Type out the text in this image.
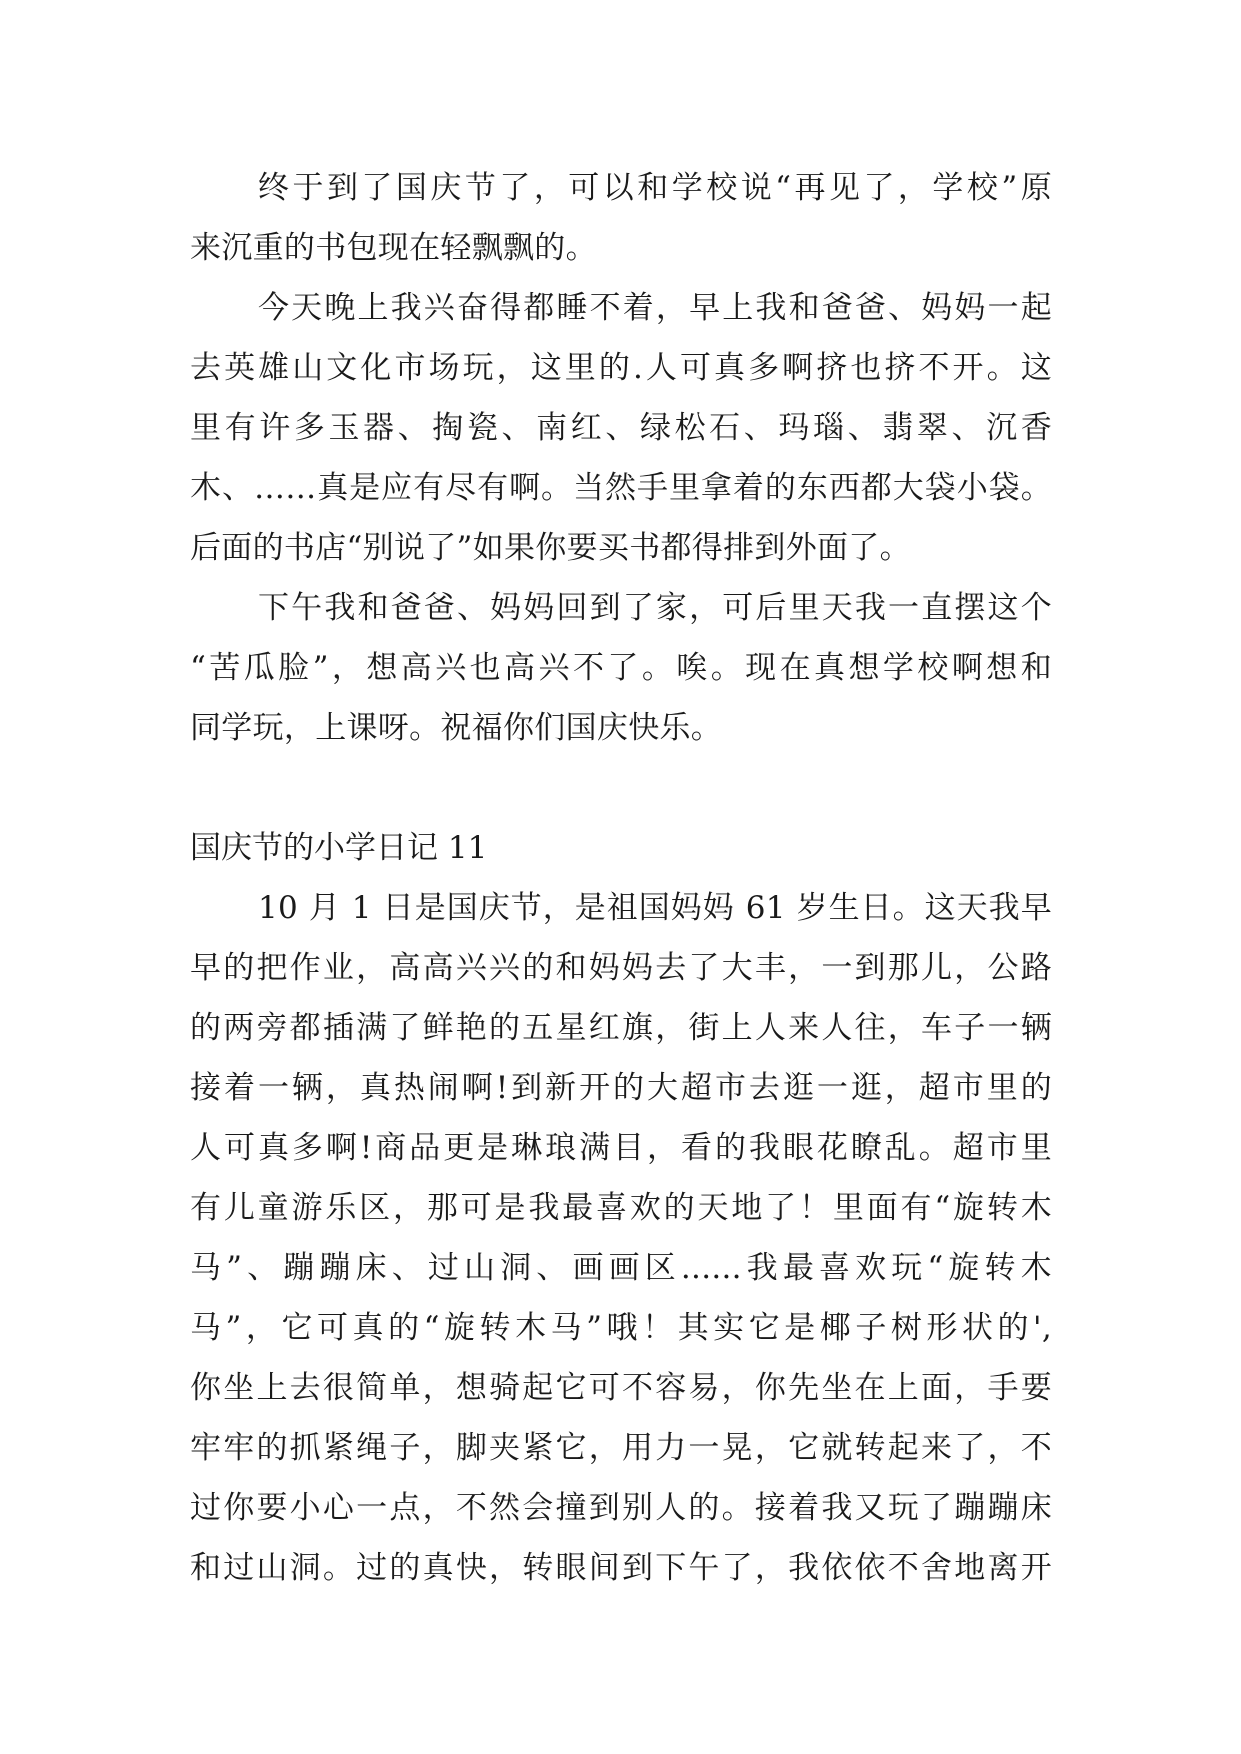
终于到了国庆节了，可以和学校说“再见了，学校”原
来沉重的书包现在轻飘飘的。
今天晚上我兴奋得都睡不着，早上我和爸爸、妈妈一起
去英雄山文化市场玩，这里的.人可真多啊挤也挤不开。这
里有许多玉器、掏瓷、南红、绿松石、玛瑙、翡翠、沉香
木、……真是应有尽有啊。当然手里拿着的东西都大袋小袋。
后面的书店“别说了”如果你要买书都得排到外面了。
下午我和爸爸、妈妈回到了家，可后里天我一直摆这个
“苦瓜脸”，想高兴也高兴不了。唉。现在真想学校啊想和
同学玩，上课呀。祝福你们国庆快乐。
国庆节的小学日记 11
10 月 1 日是国庆节，是祖国妈妈 61 岁生日。这天我早
早的把作业，高高兴兴的和妈妈去了大丰，一到那儿，公路
的两旁都插满了鲜艳的五星红旗，街上人来人往，车子一辆
接着一辆，真热闹啊!到新开的大超市去逛一逛，超市里的
人可真多啊!商品更是琳琅满目，看的我眼花瞭乱。超市里
有儿童游乐区，那可是我最喜欢的天地了！里面有“旋转木
马”、蹦蹦床、过山洞、画画区......我最喜欢玩“旋转木
马”，它可真的“旋转木马”哦！其实它是椰子树形状的',
你坐上去很简单，想骑起它可不容易，你先坐在上面，手要
牢牢的抓紧绳子，脚夹紧它，用力一晃，它就转起来了，不
过你要小心一点，不然会撞到别人的。接着我又玩了蹦蹦床
和过山洞。过的真快，转眼间到下午了，我依依不舍地离开
